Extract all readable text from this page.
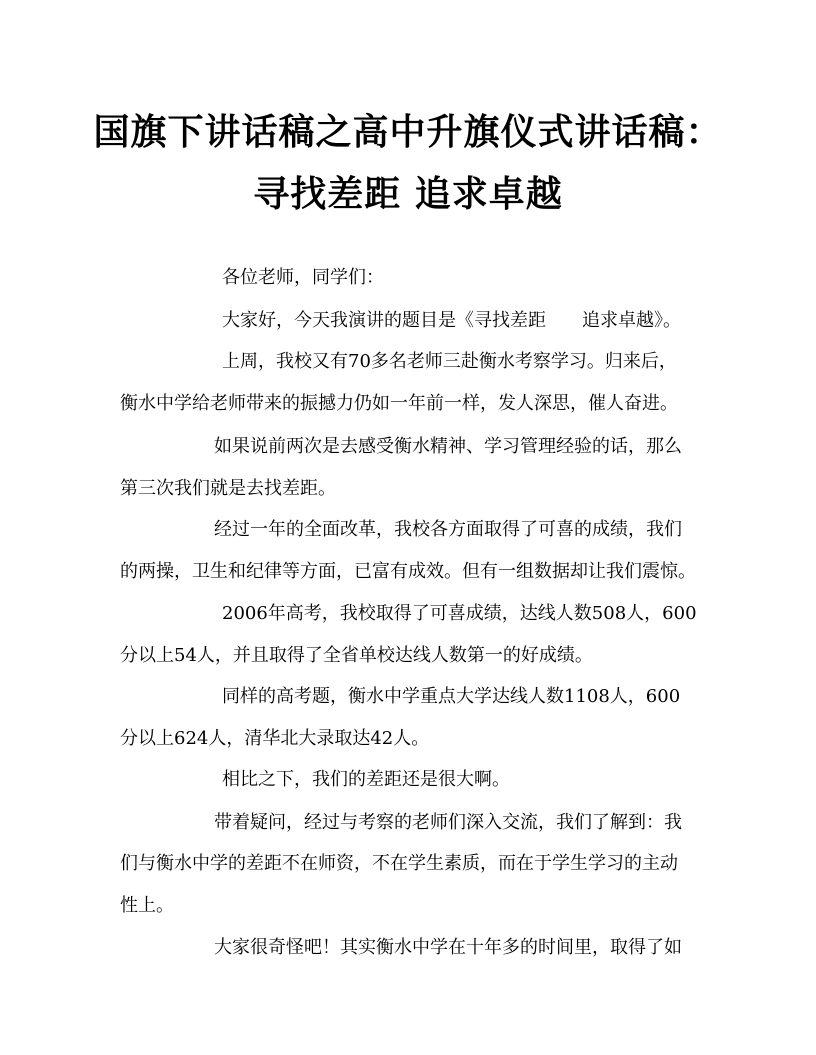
国旗下讲话稿之高中升旗仪式讲话稿：
寻找差距 追求卓越
各位老师，同学们：
大家好，今天我演讲的题目是《寻找差距　　追求卓越》。
上周，我校又有70多名老师三赴衡水考察学习。归来后，
衡水中学给老师带来的振撼力仍如一年前一样，发人深思，催人奋进。
如果说前两次是去感受衡水精神、学习管理经验的话，那么
第三次我们就是去找差距。
经过一年的全面改革，我校各方面取得了可喜的成绩，我们
的两操，卫生和纪律等方面，已富有成效。但有一组数据却让我们震惊。
2006年高考，我校取得了可喜成绩，达线人数508人，600
分以上54人，并且取得了全省单校达线人数第一的好成绩。
同样的高考题，衡水中学重点大学达线人数1108人，600
分以上624人，清华北大录取达42人。
相比之下，我们的差距还是很大啊。
带着疑问，经过与考察的老师们深入交流，我们了解到：我
们与衡水中学的差距不在师资，不在学生素质，而在于学生学习的主动
性上。
大家很奇怪吧！其实衡水中学在十年多的时间里，取得了如
